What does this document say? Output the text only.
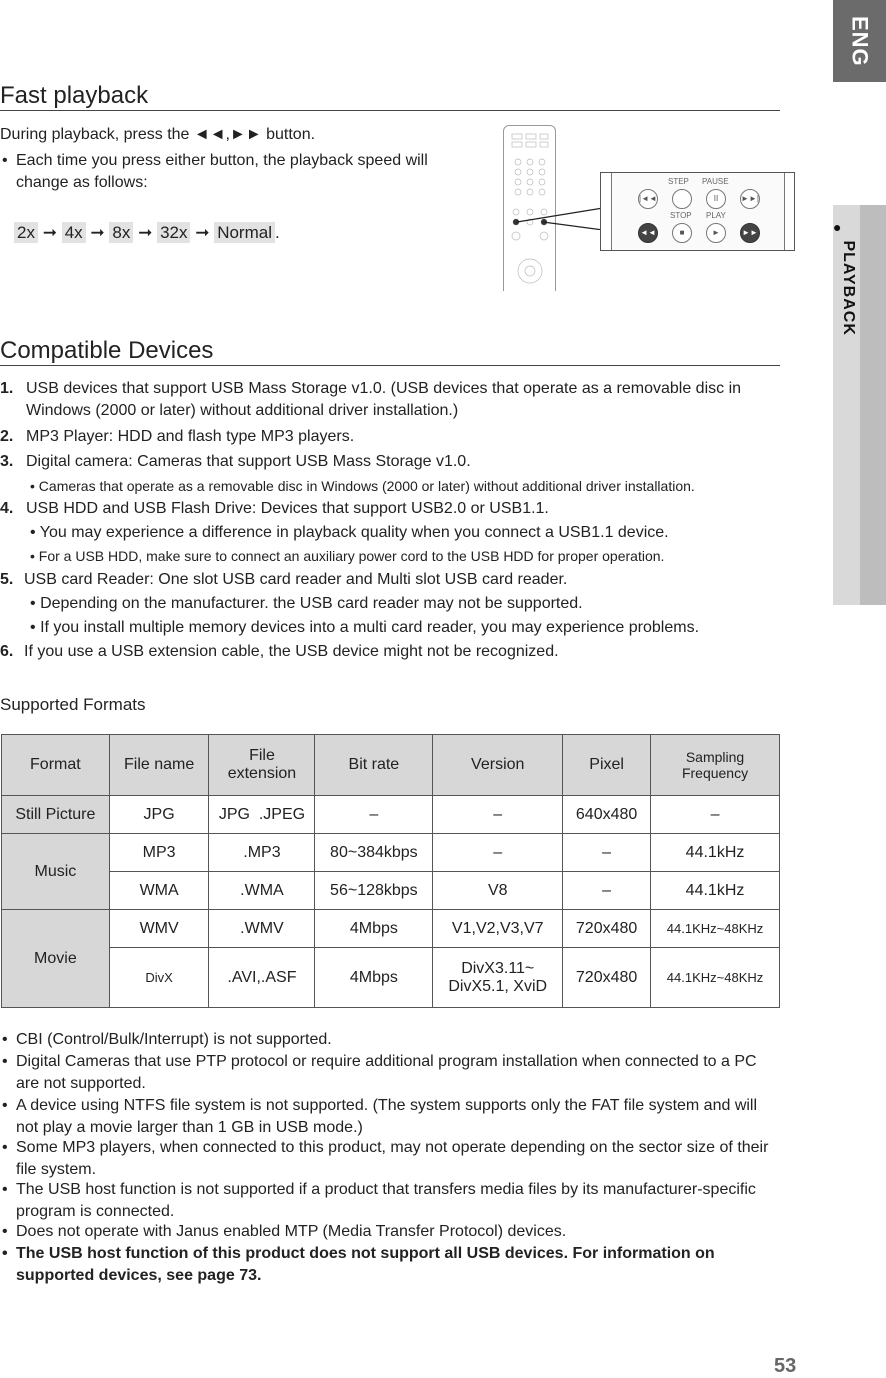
ENG
● PLAYBACK
Fast playback
During playback, press the ◄◄,►► button.
• Each time you press either button, the playback speed will change as follows:
2x ➞ 4x ➞ 8x ➞ 32x ➞ Normal .
STEP PAUSE
|◄◄	II	►►|
STOP PLAY
◄◄	■	►	►►
Compatible Devices
1. USB devices that support USB Mass Storage v1.0. (USB devices that operate as a removable disc in Windows (2000 or later) without additional driver installation.)
2. MP3 Player: HDD and flash type MP3 players.
3. Digital camera: Cameras that support USB Mass Storage v1.0.
• Cameras that operate as a removable disc in Windows (2000 or later) without additional driver installation.
4. USB HDD and USB Flash Drive: Devices that support USB2.0 or USB1.1.
• You may experience a difference in playback quality when you connect a USB1.1 device.
• For a USB HDD, make sure to connect an auxiliary power cord to the USB HDD for proper operation.
5. USB card Reader: One slot USB card reader and Multi slot USB card reader.
• Depending on the manufacturer. the USB card reader may not be supported.
• If you install multiple memory devices into a multi card reader, you may experience problems.
6. If you use a USB extension cable, the USB device might not be recognized.
Supported Formats
Format	File name	File extension	Bit rate	Version	Pixel	Sampling Frequency
Still Picture	JPG	JPG  .JPEG	–	–	640x480	–
Music	MP3	.MP3	80~384kbps	–	–	44.1kHz
	WMA	.WMA	56~128kbps	V8	–	44.1kHz
Movie	WMV	.WMV	4Mbps	V1,V2,V3,V7	720x480	44.1KHz~48KHz
	DivX	.AVI,.ASF	4Mbps	DivX3.11~ DivX5.1, XviD	720x480	44.1KHz~48KHz
• CBI (Control/Bulk/Interrupt) is not supported.
• Digital Cameras that use PTP protocol or require additional program installation when connected to a PC are not supported.
• A device using NTFS file system is not supported. (The system supports only the FAT file system and will not play a movie larger than 1 GB in USB mode.)
• Some MP3 players, when connected to this product, may not operate depending on the sector size of their file system.
• The USB host function is not supported if a product that transfers media files by its manufacturer-specific program is connected.
• Does not operate with Janus enabled MTP (Media Transfer Protocol) devices.
• The USB host function of this product does not support all USB devices. For information on supported devices, see page 73.
53
